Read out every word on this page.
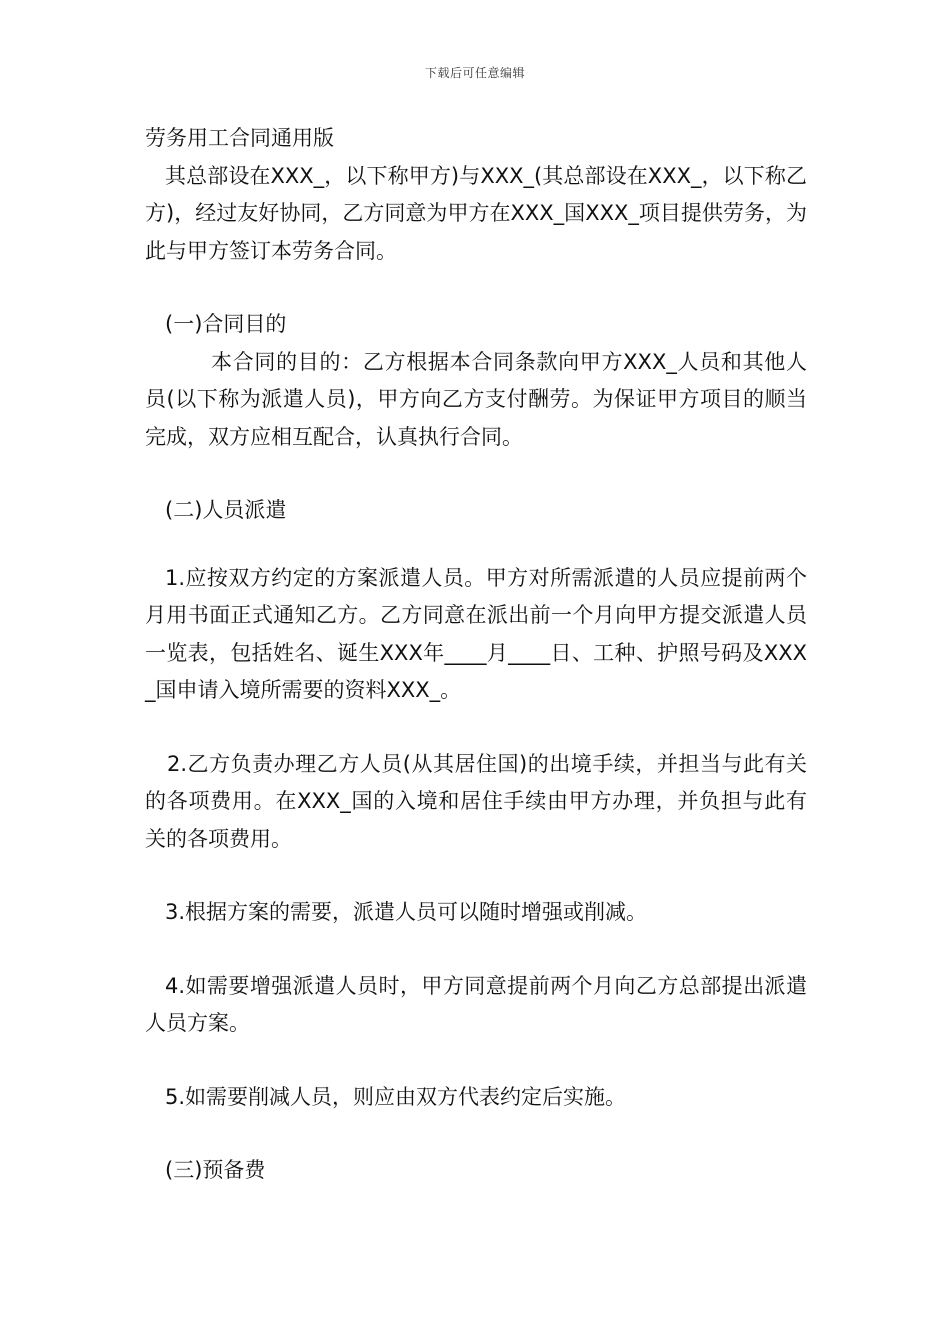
下载后可任意编辑

劳务用工合同通用版

其总部设在XXX_，以下称甲方)与XXX_(其总部设在XXX_，以下称乙方)，经过友好协同，乙方同意为甲方在XXX_国XXX_项目提供劳务，为此与甲方签订本劳务合同。

(一)合同目的

本合同的目的：乙方根据本合同条款向甲方XXX_人员和其他人员(以下称为派遣人员)，甲方向乙方支付酬劳。为保证甲方项目的顺当完成，双方应相互配合，认真执行合同。

(二)人员派遣

1.应按双方约定的方案派遣人员。甲方对所需派遣的人员应提前两个月用书面正式通知乙方。乙方同意在派出前一个月向甲方提交派遣人员一览表，包括姓名、诞生XXX年____月____日、工种、护照号码及XXX_国申请入境所需要的资料XXX_。

2.乙方负责办理乙方人员(从其居住国)的出境手续，并担当与此有关的各项费用。在XXX_国的入境和居住手续由甲方办理，并负担与此有关的各项费用。

3.根据方案的需要，派遣人员可以随时增强或削减。

4.如需要增强派遣人员时，甲方同意提前两个月向乙方总部提出派遣人员方案。

5.如需要削减人员，则应由双方代表约定后实施。

(三)预备费
